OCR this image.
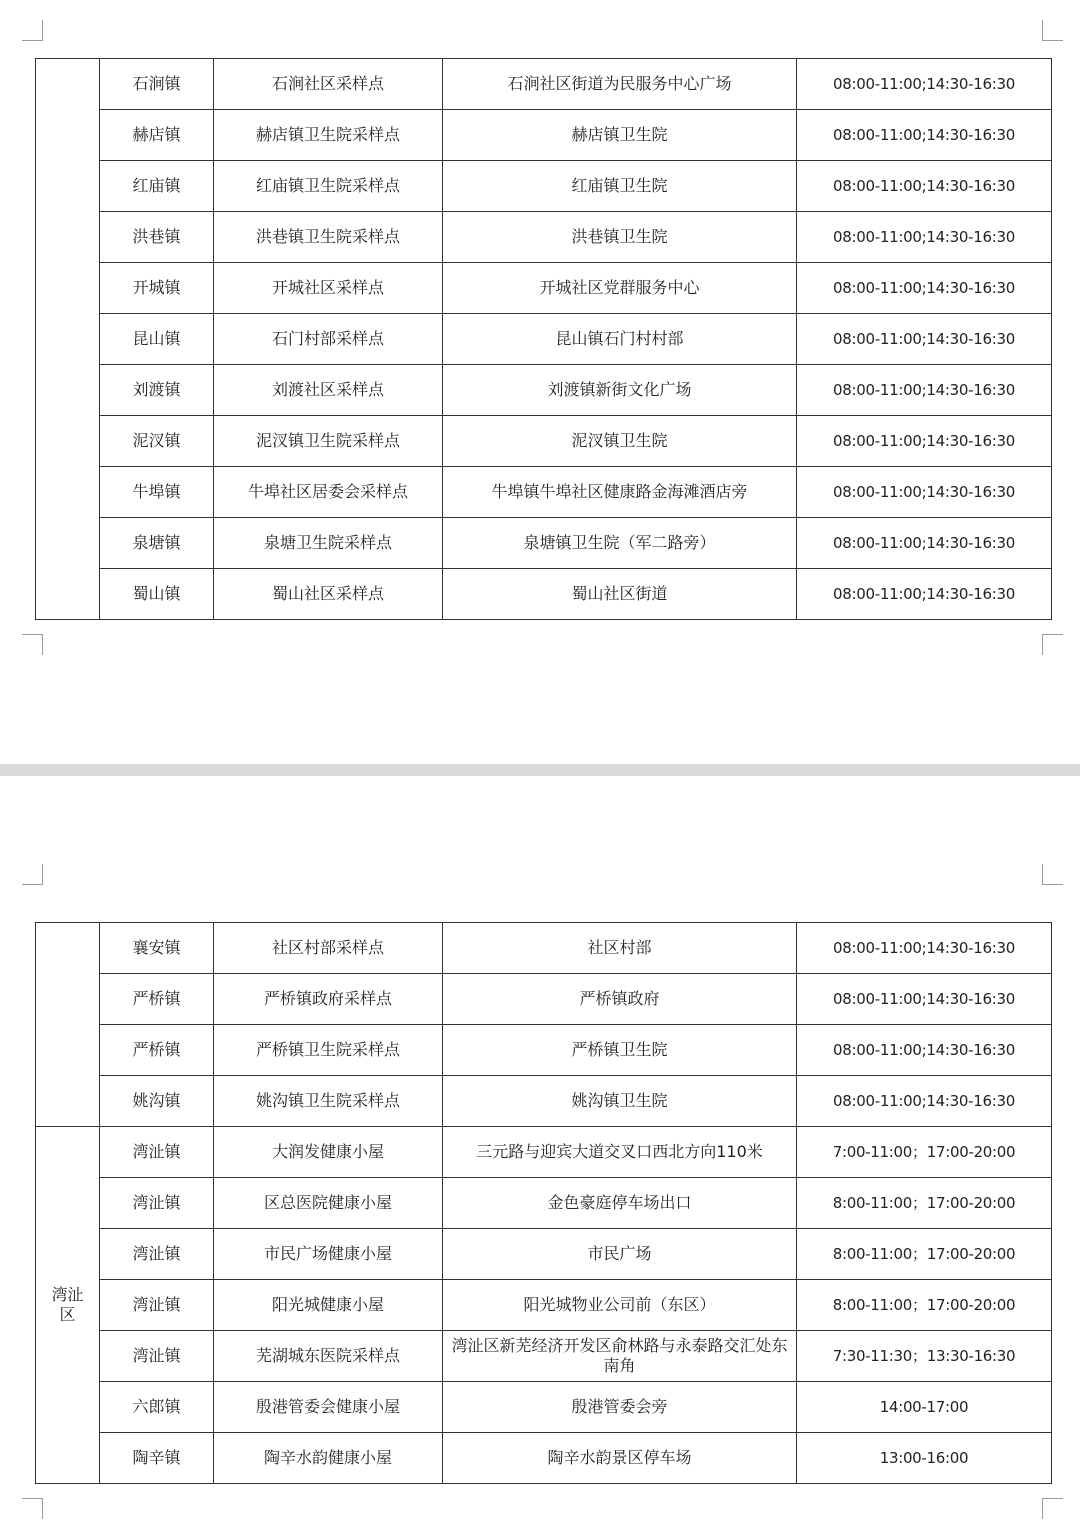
	石涧镇	石涧社区采样点	石涧社区街道为民服务中心广场	08:00-11:00;14:30-16:30
	赫店镇	赫店镇卫生院采样点	赫店镇卫生院	08:00-11:00;14:30-16:30
	红庙镇	红庙镇卫生院采样点	红庙镇卫生院	08:00-11:00;14:30-16:30
	洪巷镇	洪巷镇卫生院采样点	洪巷镇卫生院	08:00-11:00;14:30-16:30
	开城镇	开城社区采样点	开城社区党群服务中心	08:00-11:00;14:30-16:30
	昆山镇	石门村部采样点	昆山镇石门村村部	08:00-11:00;14:30-16:30
	刘渡镇	刘渡社区采样点	刘渡镇新街文化广场	08:00-11:00;14:30-16:30
	泥汊镇	泥汊镇卫生院采样点	泥汊镇卫生院	08:00-11:00;14:30-16:30
	牛埠镇	牛埠社区居委会采样点	牛埠镇牛埠社区健康路金海滩酒店旁	08:00-11:00;14:30-16:30
	泉塘镇	泉塘卫生院采样点	泉塘镇卫生院（军二路旁）	08:00-11:00;14:30-16:30
	蜀山镇	蜀山社区采样点	蜀山社区街道	08:00-11:00;14:30-16:30
	襄安镇	社区村部采样点	社区村部	08:00-11:00;14:30-16:30
	严桥镇	严桥镇政府采样点	严桥镇政府	08:00-11:00;14:30-16:30
	严桥镇	严桥镇卫生院采样点	严桥镇卫生院	08:00-11:00;14:30-16:30
	姚沟镇	姚沟镇卫生院采样点	姚沟镇卫生院	08:00-11:00;14:30-16:30
湾沚区	湾沚镇	大润发健康小屋	三元路与迎宾大道交叉口西北方向110米	7:00-11:00；17:00-20:00
	湾沚镇	区总医院健康小屋	金色豪庭停车场出口	8:00-11:00；17:00-20:00
	湾沚镇	市民广场健康小屋	市民广场	8:00-11:00；17:00-20:00
	湾沚镇	阳光城健康小屋	阳光城物业公司前（东区）	8:00-11:00；17:00-20:00
	湾沚镇	芜湖城东医院采样点	湾沚区新芜经济开发区俞林路与永泰路交汇处东南角	7:30-11:30；13:30-16:30
	六郎镇	殷港管委会健康小屋	殷港管委会旁	14:00-17:00
	陶辛镇	陶辛水韵健康小屋	陶辛水韵景区停车场	13:00-16:00
